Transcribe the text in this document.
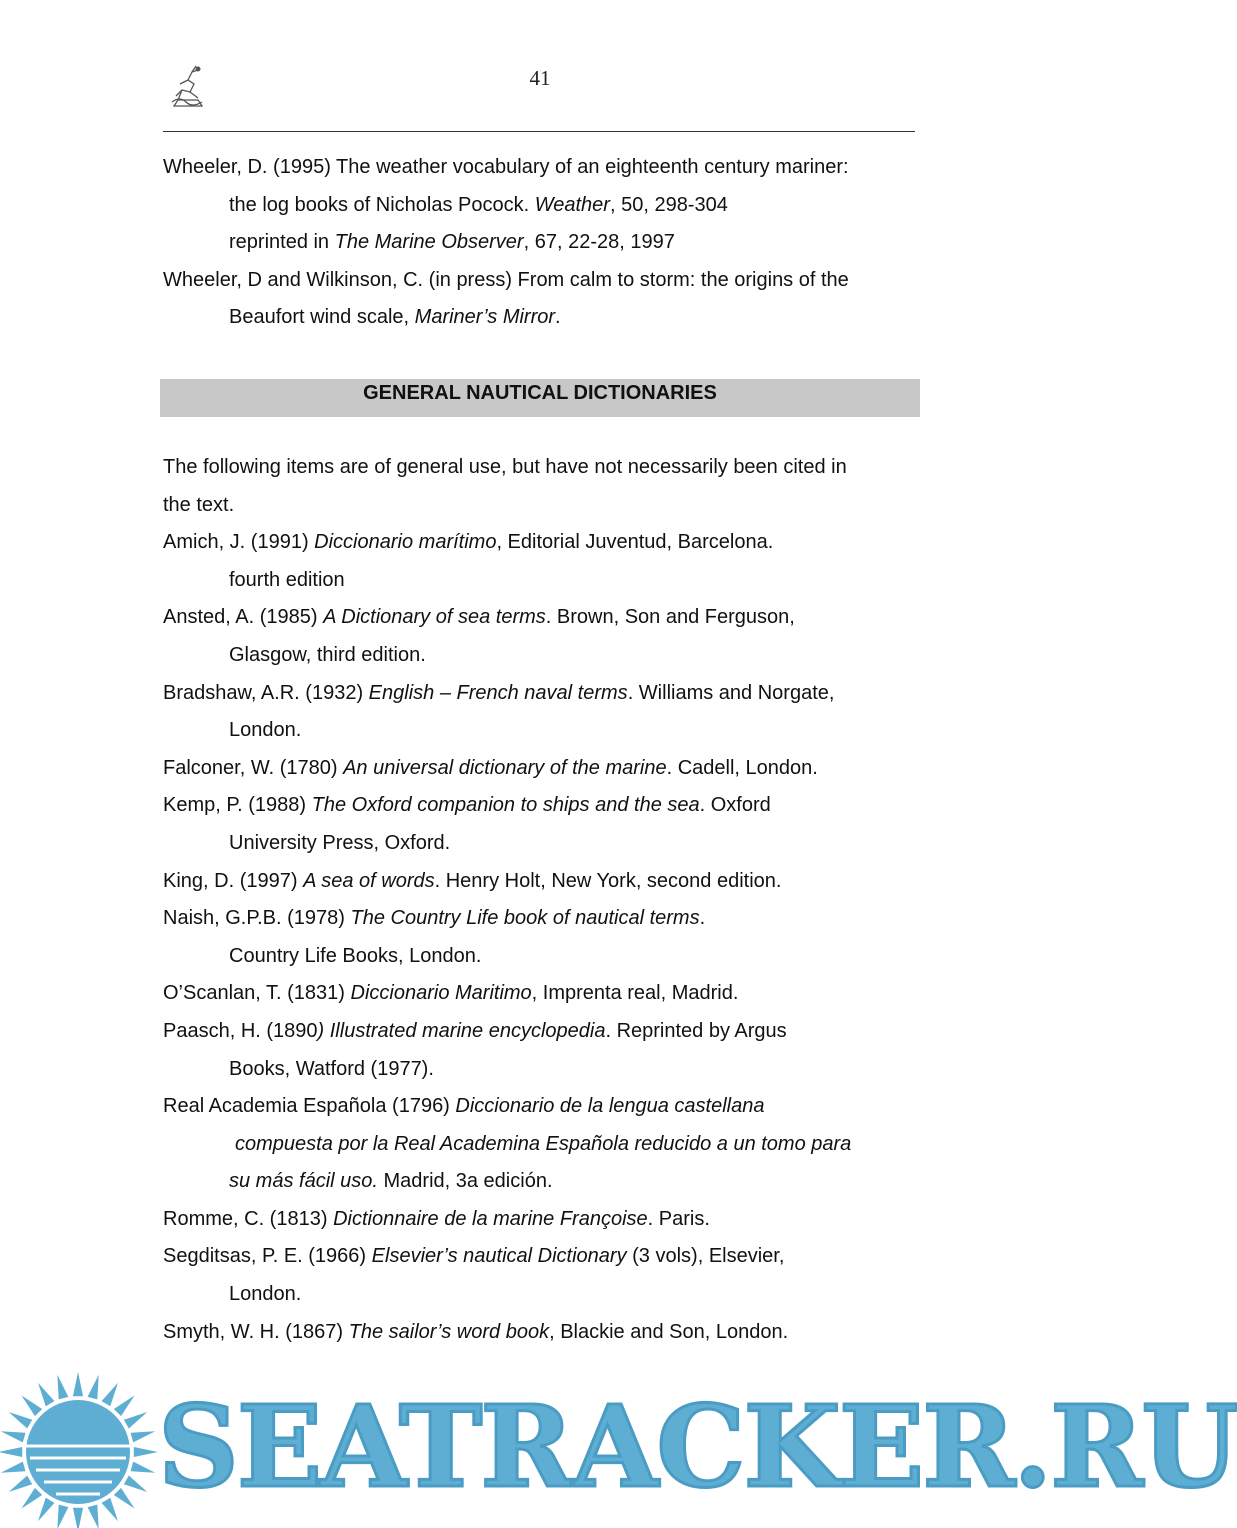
41
Wheeler, D. (1995) The weather vocabulary of an eighteenth century mariner:
the log books of Nicholas Pocock. Weather, 50, 298-304
reprinted in The Marine Observer, 67, 22-28, 1997
Wheeler, D and Wilkinson, C. (in press) From calm to storm: the origins of the
Beaufort wind scale, Mariner’s Mirror.
GENERAL NAUTICAL DICTIONARIES
The following items are of general use, but have not necessarily been cited in
the text.
Amich, J. (1991) Diccionario marítimo, Editorial Juventud, Barcelona.
fourth edition
Ansted, A. (1985) A Dictionary of sea terms. Brown, Son and Ferguson,
Glasgow, third edition.
Bradshaw, A.R. (1932) English – French naval terms. Williams and Norgate,
London.
Falconer, W. (1780) An universal dictionary of the marine. Cadell, London.
Kemp, P. (1988) The Oxford companion to ships and the sea. Oxford
University Press, Oxford.
King, D. (1997) A sea of words. Henry Holt, New York, second edition.
Naish, G.P.B. (1978) The Country Life book of nautical terms.
Country Life Books, London.
O’Scanlan, T. (1831) Diccionario Maritimo, Imprenta real, Madrid.
Paasch, H. (1890) Illustrated marine encyclopedia. Reprinted by Argus
Books, Watford (1977).
Real Academia Española (1796) Diccionario de la lengua castellana
compuesta por la Real Academina Española reducido a un tomo para
su más fácil uso. Madrid, 3a edición.
Romme, C. (1813) Dictionnaire de la marine Françoise. Paris.
Segditsas, P. E. (1966) Elsevier’s nautical Dictionary (3 vols), Elsevier,
London.
Smyth, W. H. (1867) The sailor’s word book, Blackie and Son, London.
SEATRACKER.RU
